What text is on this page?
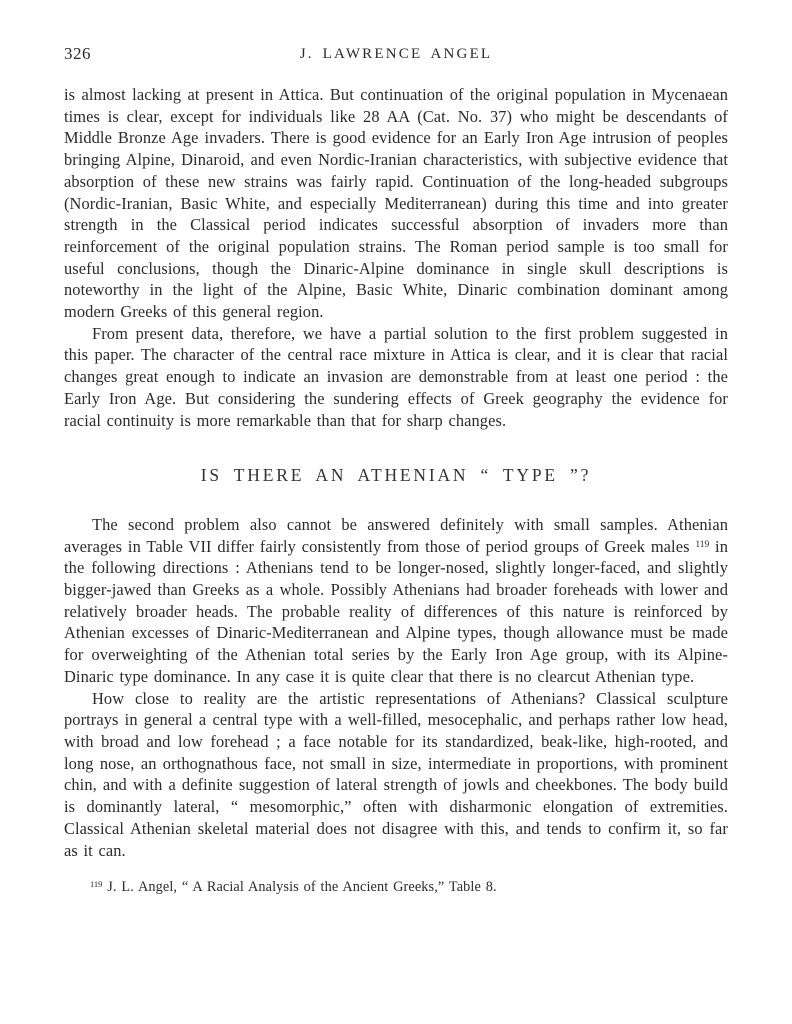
326	J. LAWRENCE ANGEL

is almost lacking at present in Attica. But continuation of the original population in Mycenaean times is clear, except for individuals like 28 AA (Cat. No. 37) who might be descendants of Middle Bronze Age invaders. There is good evidence for an Early Iron Age intrusion of peoples bringing Alpine, Dinaroid, and even Nordic-Iranian characteristics, with subjective evidence that absorption of these new strains was fairly rapid. Continuation of the long-headed subgroups (Nordic-Iranian, Basic White, and especially Mediterranean) during this time and into greater strength in the Classical period indicates successful absorption of invaders more than reinforcement of the original population strains. The Roman period sample is too small for useful conclusions, though the Dinaric-Alpine dominance in single skull descriptions is noteworthy in the light of the Alpine, Basic White, Dinaric combination dominant among modern Greeks of this general region.

From present data, therefore, we have a partial solution to the first problem suggested in this paper. The character of the central race mixture in Attica is clear, and it is clear that racial changes great enough to indicate an invasion are demonstrable from at least one period : the Early Iron Age. But considering the sundering effects of Greek geography the evidence for racial continuity is more remarkable than that for sharp changes.

IS THERE AN ATHENIAN “ TYPE ”?

The second problem also cannot be answered definitely with small samples. Athenian averages in Table VII differ fairly consistently from those of period groups of Greek males $^{119}$ in the following directions : Athenians tend to be longer-nosed, slightly longer-faced, and slightly bigger-jawed than Greeks as a whole. Possibly Athenians had broader foreheads with lower and relatively broader heads. The probable reality of differences of this nature is reinforced by Athenian excesses of Dinaric-Mediterranean and Alpine types, though allowance must be made for overweighting of the Athenian total series by the Early Iron Age group, with its Alpine-Dinaric type dominance. In any case it is quite clear that there is no clearcut Athenian type.

How close to reality are the artistic representations of Athenians? Classical sculpture portrays in general a central type with a well-filled, mesocephalic, and perhaps rather low head, with broad and low forehead ; a face notable for its standardized, beak-like, high-rooted, and long nose, an orthognathous face, not small in size, intermediate in proportions, with prominent chin, and with a definite suggestion of lateral strength of jowls and cheekbones. The body build is dominantly lateral, “ mesomorphic,” often with disharmonic elongation of extremities. Classical Athenian skeletal material does not disagree with this, and tends to confirm it, so far as it can.

$^{119}$ J. L. Angel, “ A Racial Analysis of the Ancient Greeks,” Table 8.
